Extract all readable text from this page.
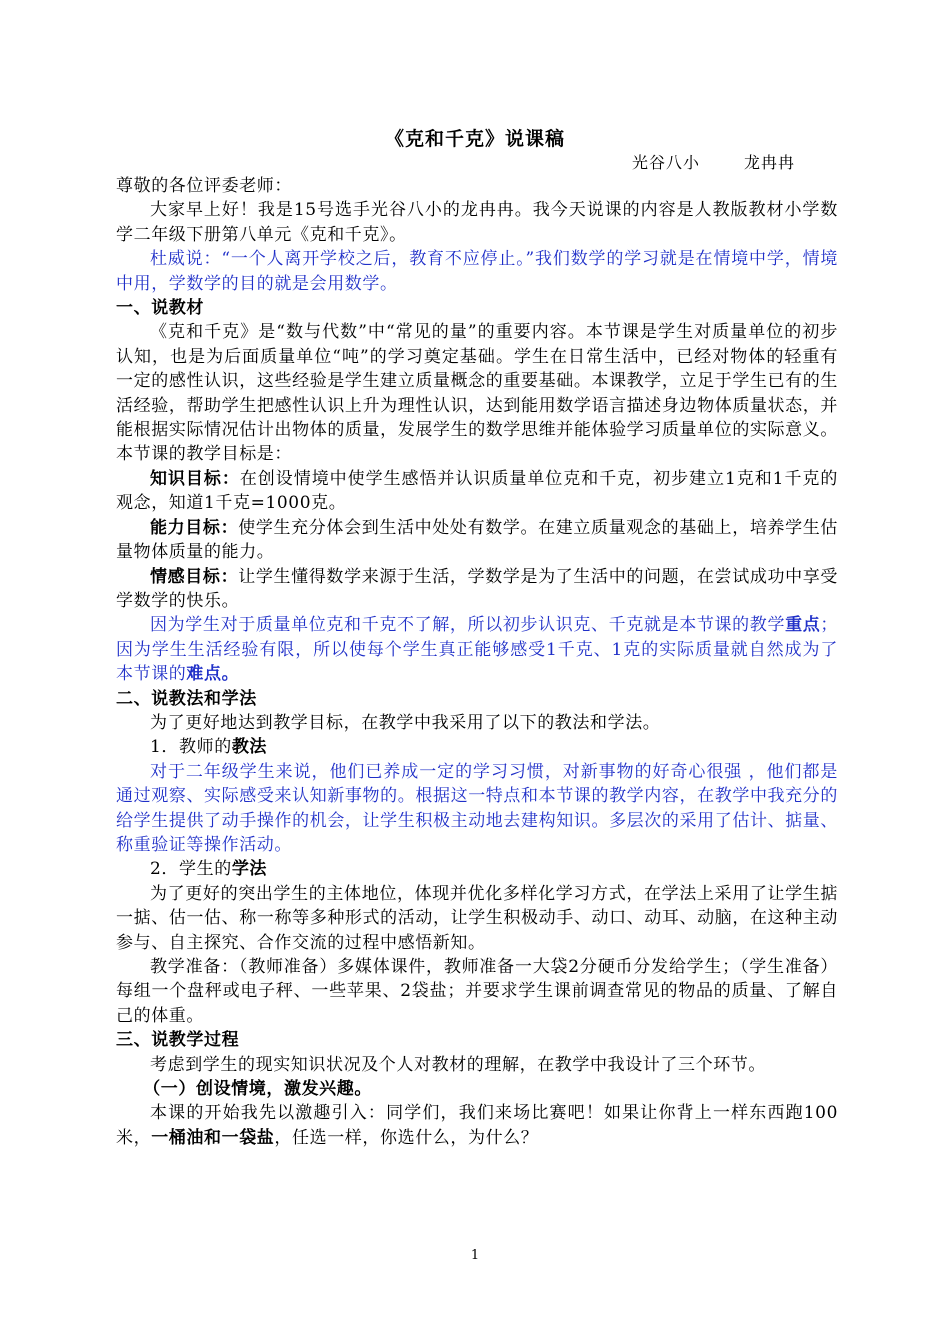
《克和千克》说课稿
光谷八小	龙冉冉

尊敬的各位评委老师：

大家早上好！我是15号选手光谷八小的龙冉冉。我今天说课的内容是人教版教材小学数学二年级下册第八单元《克和千克》。

杜威说：“一个人离开学校之后，教育不应停止。”我们数学的学习就是在情境中学，情境中用，学数学的目的就是会用数学。

一、说教材

《克和千克》是“数与代数”中“常见的量”的重要内容。本节课是学生对质量单位的初步认知，也是为后面质量单位“吨”的学习奠定基础。学生在日常生活中，已经对物体的轻重有一定的感性认识，这些经验是学生建立质量概念的重要基础。本课教学，立足于学生已有的生活经验，帮助学生把感性认识上升为理性认识，达到能用数学语言描述身边物体质量状态，并能根据实际情况估计出物体的质量，发展学生的数学思维并能体验学习质量单位的实际意义。本节课的教学目标是：

知识目标：在创设情境中使学生感悟并认识质量单位克和千克，初步建立1克和1千克的观念，知道1千克=1000克。

能力目标：使学生充分体会到生活中处处有数学。在建立质量观念的基础上，培养学生估量物体质量的能力。

情感目标：让学生懂得数学来源于生活，学数学是为了生活中的问题，在尝试成功中享受学数学的快乐。

因为学生对于质量单位克和千克不了解，所以初步认识克、千克就是本节课的教学重点；因为学生生活经验有限，所以使每个学生真正能够感受1千克、1克的实际质量就自然成为了本节课的难点。

二、说教法和学法

为了更好地达到教学目标，在教学中我采用了以下的教法和学法。

1．教师的教法

对于二年级学生来说，他们已养成一定的学习习惯，对新事物的好奇心很强 ，他们都是通过观察、实际感受来认知新事物的。根据这一特点和本节课的教学内容，在教学中我充分的给学生提供了动手操作的机会，让学生积极主动地去建构知识。多层次的采用了估计、掂量、称重验证等操作活动。

2．学生的学法

为了更好的突出学生的主体地位，体现并优化多样化学习方式，在学法上采用了让学生掂一掂、估一估、称一称等多种形式的活动，让学生积极动手、动口、动耳、动脑，在这种主动参与、自主探究、合作交流的过程中感悟新知。

教学准备：（教师准备）多媒体课件，教师准备一大袋2分硬币分发给学生；（学生准备）每组一个盘秤或电子秤、一些苹果、2袋盐；并要求学生课前调查常见的物品的质量、了解自己的体重。

三、说教学过程

考虑到学生的现实知识状况及个人对教材的理解，在教学中我设计了三个环节。

（一）创设情境，激发兴趣。

本课的开始我先以激趣引入：同学们，我们来场比赛吧！如果让你背上一样东西跑100米，一桶油和一袋盐，任选一样，你选什么，为什么？

1
